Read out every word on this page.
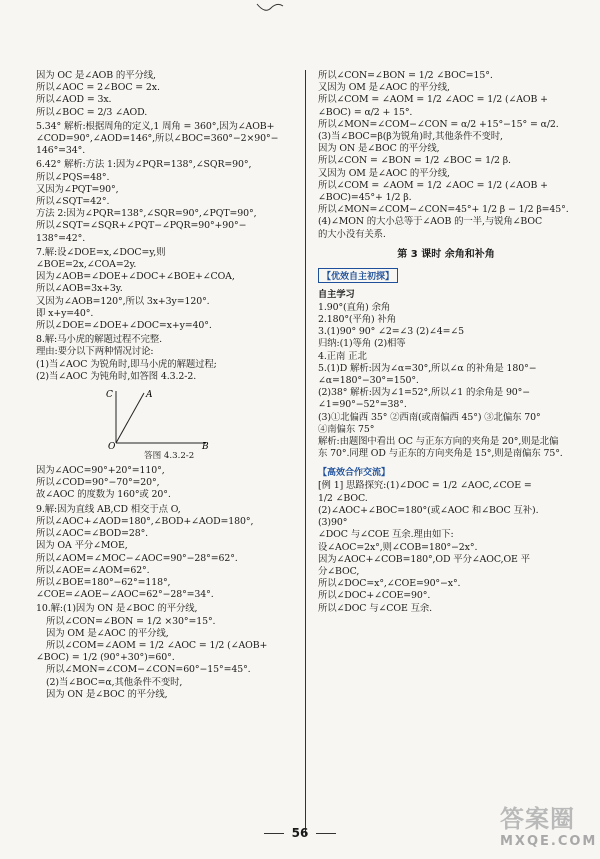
因为 OC 是∠AOB 的平分线,

所以∠AOC = 2∠BOC = 2x.

所以∠AOD = 3x.

所以∠BOC = 2/3 ∠AOD.

5.34° 解析:根据周角的定义,1 周角 = 360°,因为∠AOB+

∠COD=90°,∠AOD=146°,所以∠BOC=360°−2×90°−

146°=34°.

6.42° 解析:方法 1:因为∠PQR=138°,∠SQR=90°,

所以∠PQS=48°.

又因为∠PQT=90°,

所以∠SQT=42°.

方法 2:因为∠PQR=138°,∠SQR=90°,∠PQT=90°,

所以∠SQT=∠SQR+∠PQT−∠PQR=90°+90°−

138°=42°.

7.解:设∠DOE=x,∠DOC=y,则

∠BOE=2x,∠COA=2y.

因为∠AOB=∠DOE+∠DOC+∠BOE+∠COA,

所以∠AOB=3x+3y.

又因为∠AOB=120°,所以 3x+3y=120°.

即 x+y=40°.

所以∠DOE=∠DOE+∠DOC=x+y=40°.

8.解:马小虎的解题过程不完整.

理由:要分以下两种情况讨论:

(1)当∠AOC 为锐角时,即马小虎的解题过程;

(2)当∠AOC 为钝角时,如答图 4.3.2-2.

C	A
O	B
答图 4.3.2-2

因为∠AOC=90°+20°=110°,

所以∠COD=90°−70°=20°,

故∠AOC 的度数为 160°或 20°.

9.解:因为直线 AB,CD 相交于点 O,

所以∠AOC+∠AOD=180°,∠BOD+∠AOD=180°,

所以∠AOC=∠BOD=28°.

因为 OA 平分∠MOE,

所以∠AOM=∠MOC−∠AOC=90°−28°=62°.

所以∠AOE=∠AOM=62°.

所以∠BOE=180°−62°=118°,

∠COE=∠AOE−∠AOC=62°−28°=34°.

10.解:(1)因为 ON 是∠BOC 的平分线,

所以∠CON=∠BON = 1/2 ×30°=15°.

因为 OM 是∠AOC 的平分线,

所以∠COM=∠AOM = 1/2 ∠AOC = 1/2 (∠AOB+

∠BOC) = 1/2 (90°+30°)=60°.

所以∠MON=∠COM−∠CON=60°−15°=45°.

(2)当∠BOC=α,其他条件不变时,

因为 ON 是∠BOC 的平分线,

所以∠CON=∠BON = 1/2 ∠BOC=15°.

又因为 OM 是∠AOC 的平分线,

所以∠COM = ∠AOM = 1/2 ∠AOC = 1/2 (∠AOB +

∠BOC) = α/2 + 15°.

所以∠MON=∠COM−∠CON = α/2 +15°−15° = α/2.

(3)当∠BOC=β(β为锐角)时,其他条件不变时,

因为 ON 是∠BOC 的平分线,

所以∠CON = ∠BON = 1/2 ∠BOC = 1/2 β.

又因为 OM 是∠AOC 的平分线,

所以∠COM = ∠AOM = 1/2 ∠AOC = 1/2 (∠AOB +

∠BOC)=45°+ 1/2 β.

所以∠MON=∠COM−∠CON=45°+ 1/2 β − 1/2 β=45°.

(4)∠MON 的大小总等于∠AOB 的一半,与锐角∠BOC

的大小没有关系.

第 3 课时 余角和补角
【优效自主初探】
自主学习

1.90°(直角) 余角

2.180°(平角) 补角

3.(1)90° 90° ∠2=∠3 (2)∠4=∠5

归纳:(1)等角 (2)相等

4.正南 正北

5.(1)D 解析:因为∠α=30°,所以∠α 的补角是 180°−

∠α=180°−30°=150°.

(2)38° 解析:因为∠1=52°,所以∠1 的余角是 90°−

∠1=90°−52°=38°.

(3)①北偏西 35° ②西南(或南偏西 45°) ③北偏东 70°

④南偏东 75°

解析:由题图中看出 OC 与正东方向的夹角是 20°,则是北偏

东 70°.同理 OD 与正东的方向夹角是 15°,则是南偏东 75°.

【高效合作交流】

[例 1] 思路探究:(1)∠DOC = 1/2 ∠AOC,∠COE =

1/2 ∠BOC.

(2)∠AOC+∠BOC=180°(或∠AOC 和∠BOC 互补).

(3)90°

∠DOC 与∠COE 互余.理由如下:

设∠AOC=2x°,则∠COB=180°−2x°.

因为∠AOC+∠COB=180°,OD 平分∠AOC,OE 平

分∠BOC,

所以∠DOC=x°,∠COE=90°−x°.

所以∠DOC+∠COE=90°.

所以∠DOC 与∠COE 互余.

56	答案圈
MXQE.COM
